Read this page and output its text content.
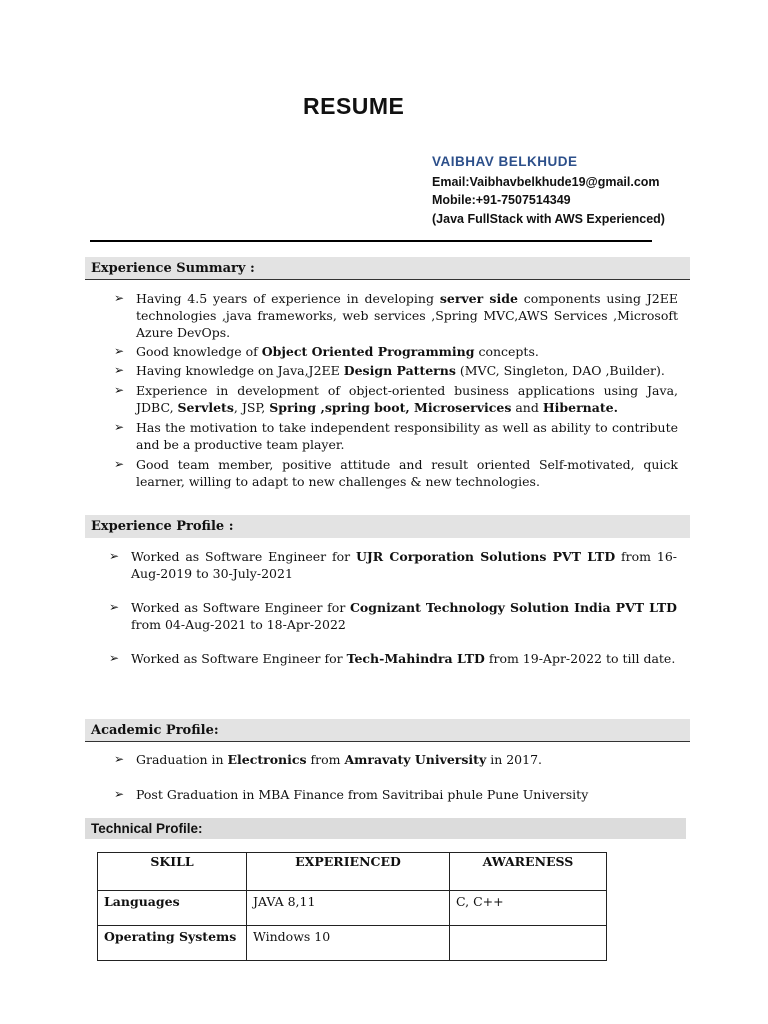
RESUME
VAIBHAV BELKHUDE
Email:Vaibhavbelkhude19@gmail.com
Mobile:+91-7507514349
(Java FullStack with AWS Experienced)
Experience Summary :
➢ Having 4.5 years of experience in developing server side components using J2EE technologies ,java frameworks, web services ,Spring MVC,AWS Services ,Microsoft Azure DevOps.
➢ Good knowledge of Object Oriented Programming concepts.
➢ Having knowledge on Java,J2EE Design Patterns (MVC, Singleton, DAO ,Builder).
➢ Experience in development of object-oriented business applications using Java, JDBC, Servlets, JSP, Spring ,spring boot, Microservices and Hibernate.
➢ Has the motivation to take independent responsibility as well as ability to contribute and be a productive team player.
➢ Good team member, positive attitude and result oriented Self-motivated, quick learner, willing to adapt to new challenges & new technologies.
Experience Profile :
➢ Worked as Software Engineer for UJR Corporation Solutions PVT LTD from 16-Aug-2019 to 30-July-2021
➢ Worked as Software Engineer for Cognizant Technology Solution India PVT LTD from 04-Aug-2021 to 18-Apr-2022
➢ Worked as Software Engineer for Tech-Mahindra LTD from 19-Apr-2022 to till date.
Academic Profile:
➢ Graduation in Electronics from Amravaty University in 2017.
➢ Post Graduation in MBA Finance from Savitribai phule Pune University
Technical Profile:
SKILL	EXPERIENCED	AWARENESS
Languages	JAVA 8,11	C, C++
Operating Systems	Windows 10	
